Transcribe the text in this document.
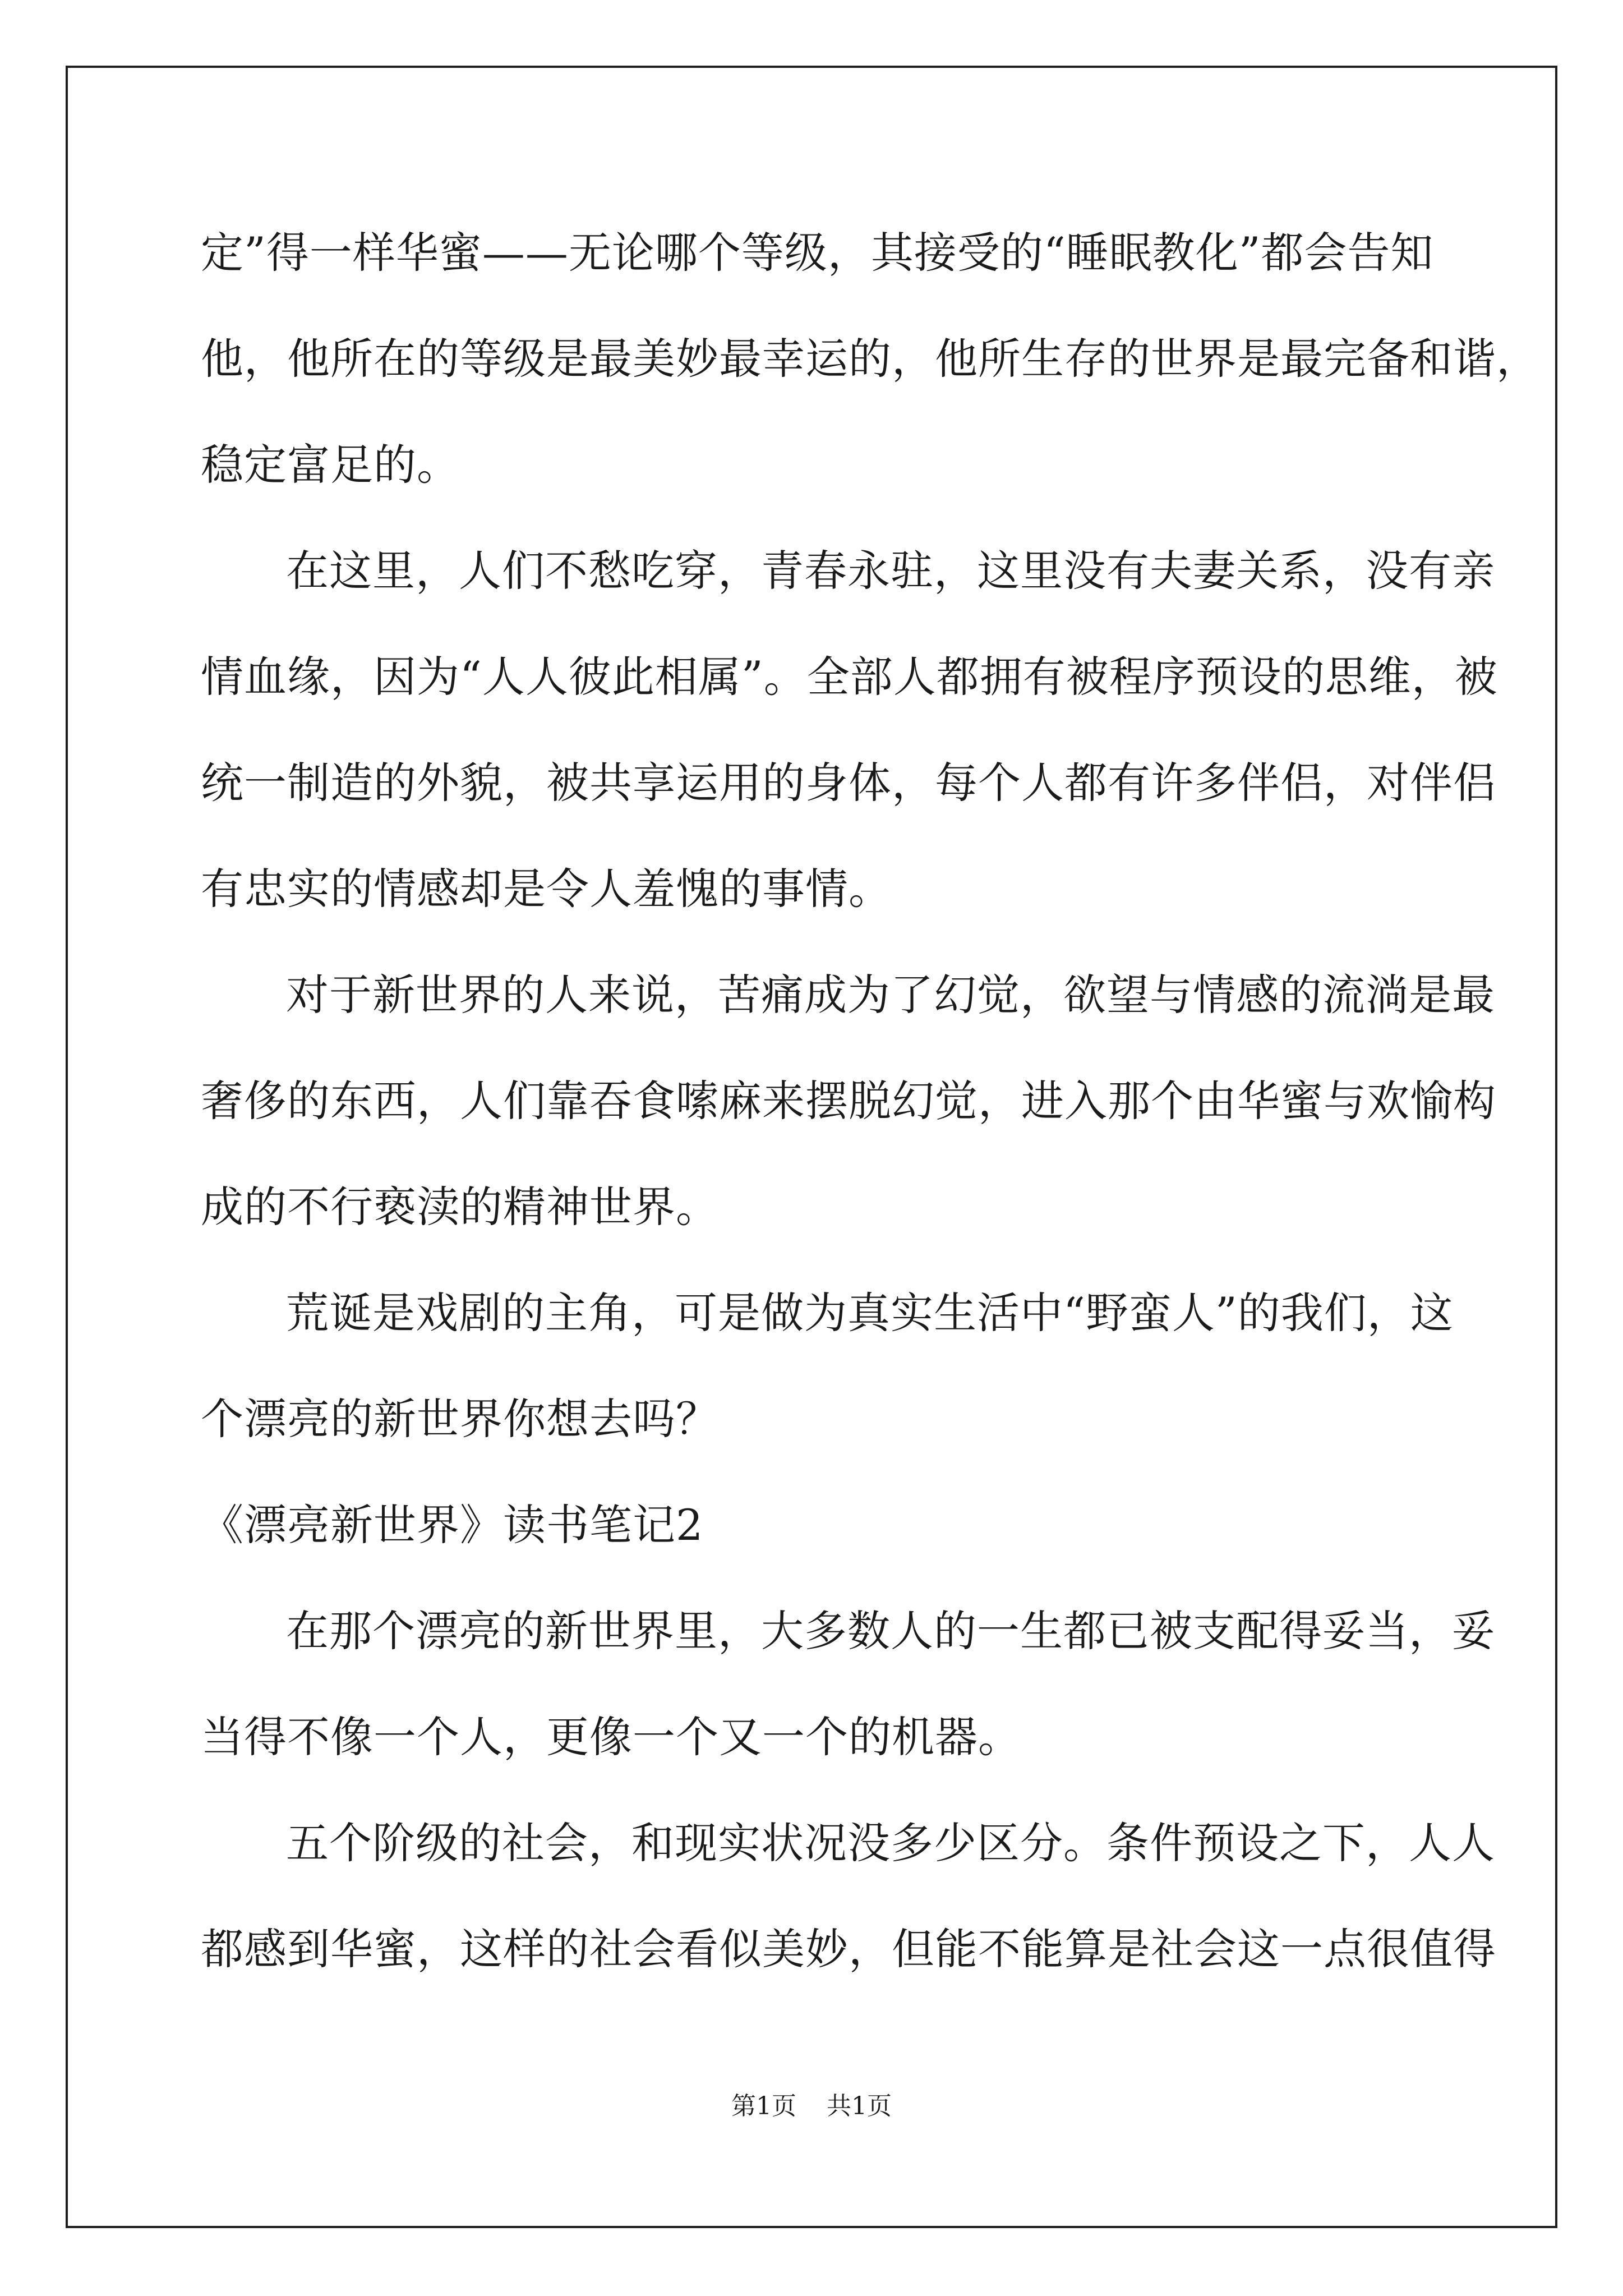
定”得一样华蜜——无论哪个等级，其接受的“睡眠教化”都会告知
他，他所在的等级是最美妙最幸运的，他所生存的世界是最完备和谐，
稳定富足的。
在这里，人们不愁吃穿，青春永驻，这里没有夫妻关系，没有亲
情血缘，因为“人人彼此相属”。全部人都拥有被程序预设的思维，被
统一制造的外貌，被共享运用的身体，每个人都有许多伴侣，对伴侣
有忠实的情感却是令人羞愧的事情。
对于新世界的人来说，苦痛成为了幻觉，欲望与情感的流淌是最
奢侈的东西，人们靠吞食嗦麻来摆脱幻觉，进入那个由华蜜与欢愉构
成的不行亵渎的精神世界。
荒诞是戏剧的主角，可是做为真实生活中“野蛮人”的我们，这
个漂亮的新世界你想去吗？
《漂亮新世界》读书笔记2
在那个漂亮的新世界里，大多数人的一生都已被支配得妥当，妥
当得不像一个人，更像一个又一个的机器。
五个阶级的社会，和现实状况没多少区分。条件预设之下，人人
都感到华蜜，这样的社会看似美妙，但能不能算是社会这一点很值得
第1页 共1页
